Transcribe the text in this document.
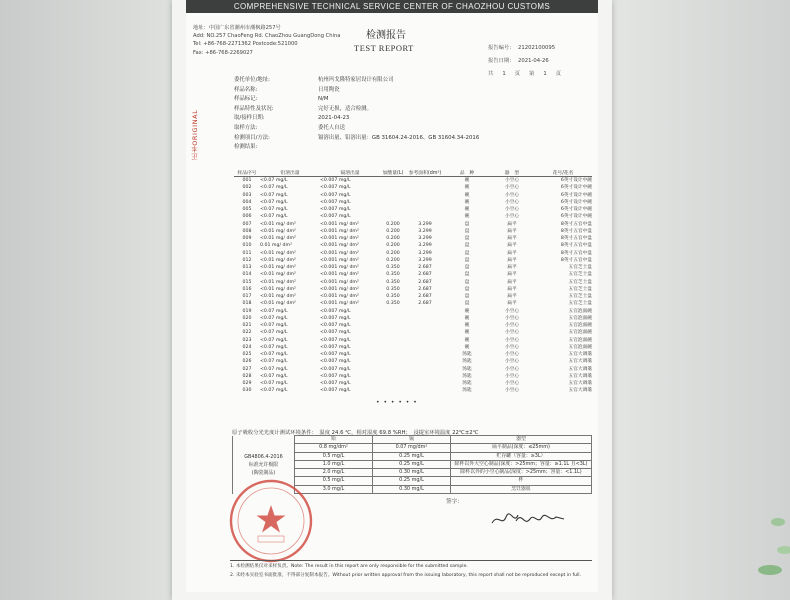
COMPREHENSIVE TECHNICAL SERVICE CENTER OF CHAOZHOU CUSTOMS
地址：中国广东省潮州市潮枫路257号
Add: NO.257 ChaoFeng Rd. ChaoZhou GuangDong China
Tel: +86-768-2271362 Postcode:521000
Fax: +86-768-2269027
检测报告
TEST REPORT	报告编号： 21202100095
报告日期： 2021-04-26
共 1 页 第 1 页
正本ORIGINAL
委托单位/地址:	杭州玛戈隆特家居设计有限公司
样品名称:	日用陶瓷
样品标记:	N/M
样品特性及状况:	完好无损，适合检测。
取/接样日期:	2021-04-23
取样方法:	委托人自送
检测项目/方法:	镉溶出量、铅溶出量：GB 31604.24-2016、GB 31604.34-2016
检测结果:
样品序号	铅溶出量	镉溶出量	加酸量(L)	参考面积(dm²)	品　种	器　型	花号/花名
001	<0.07 mg/L	<0.007 mg/L			碗	小空心	6英寸设计中碗
002	<0.07 mg/L	<0.007 mg/L			碗	小空心	6英寸设计中碗
003	<0.07 mg/L	<0.007 mg/L			碗	小空心	6英寸设计中碗
004	<0.07 mg/L	<0.007 mg/L			碗	小空心	6英寸设计中碗
005	<0.07 mg/L	<0.007 mg/L			碗	小空心	6英寸设计中碗
006	<0.07 mg/L	<0.007 mg/L			碗	小空心	6英寸设计中碗
007	<0.01 mg/ dm²	<0.001 mg/ dm²	0.200	3.299	盘	扁平	8英寸五官中盘
008	<0.01 mg/ dm²	<0.001 mg/ dm²	0.200	3.299	盘	扁平	8英寸五官中盘
009	<0.01 mg/ dm²	<0.001 mg/ dm²	0.200	3.299	盘	扁平	8英寸五官中盘
010	0.01 mg/ dm²	<0.001 mg/ dm²	0.200	3.299	盘	扁平	8英寸五官中盘
011	<0.01 mg/ dm²	<0.001 mg/ dm²	0.200	3.299	盘	扁平	8英寸五官中盘
012	<0.01 mg/ dm²	<0.001 mg/ dm²	0.200	3.299	盘	扁平	8英寸五官中盘
013	<0.01 mg/ dm²	<0.001 mg/ dm²	0.350	2.687	盘	扁平	五官芝士盘
014	<0.01 mg/ dm²	<0.001 mg/ dm²	0.350	2.687	盘	扁平	五官芝士盘
015	<0.01 mg/ dm²	<0.001 mg/ dm²	0.350	2.687	盘	扁平	五官芝士盘
016	<0.01 mg/ dm²	<0.001 mg/ dm²	0.350	2.687	盘	扁平	五官芝士盘
017	<0.01 mg/ dm²	<0.001 mg/ dm²	0.350	2.687	盘	扁平	五官芝士盘
018	<0.01 mg/ dm²	<0.001 mg/ dm²	0.350	2.687	盘	扁平	五官芝士盘
019	<0.07 mg/L	<0.007 mg/L			碗	小空心	五官泡面碗
020	<0.07 mg/L	<0.007 mg/L			碗	小空心	五官泡面碗
021	<0.07 mg/L	<0.007 mg/L			碗	小空心	五官泡面碗
022	<0.07 mg/L	<0.007 mg/L			碗	小空心	五官泡面碗
023	<0.07 mg/L	<0.007 mg/L			碗	小空心	五官泡面碗
024	<0.07 mg/L	<0.007 mg/L			碗	小空心	五官泡面碗
025	<0.07 mg/L	<0.007 mg/L			汤匙	小空心	五官大调羹
026	<0.07 mg/L	<0.007 mg/L			汤匙	小空心	五官大调羹
027	<0.07 mg/L	<0.007 mg/L			汤匙	小空心	五官大调羹
028	<0.07 mg/L	<0.007 mg/L			汤匙	小空心	五官大调羹
029	<0.07 mg/L	<0.007 mg/L			汤匙	小空心	五官大调羹
030	<0.07 mg/L	<0.007 mg/L			汤匙	小空心	五官大调羹
• • • • • •
原子吸收分光光度计测试环境条件：　温度 24.6 ℃，相对湿度 69.8 %RH；　浸提室环境温度 22℃±2℃
GB4806.4-2016
标准允许极限
(陶瓷制品)	铅	镉	器型
	0.8 mg/dm²	0.07 mg/dm²	扁平制品(深度：≤25mm)
	0.5 mg/L	0.25 mg/L	贮存罐（容量：≥3L）
	1.0 mg/L	0.25 mg/L	除杯以外大空心制品(深度：>25mm；容量：≥1.1L 且<3L)
	2.0 mg/L	0.30 mg/L	除杯以外的小空心制品(深度：>25mm；容量：<1.1L)
	0.5 mg/L	0.25 mg/L	杯
	3.0 mg/L	0.30 mg/L	烹饪器皿
签字：
1. 本检测结果仅对来样负责。Note: The result in this report are only responsible for the submitted sample.
2. 未经本实验室书面批准，不得部分复制本报告。Without prior written approval from the issuing laboratory, this report shall not be reproduced except in full.
